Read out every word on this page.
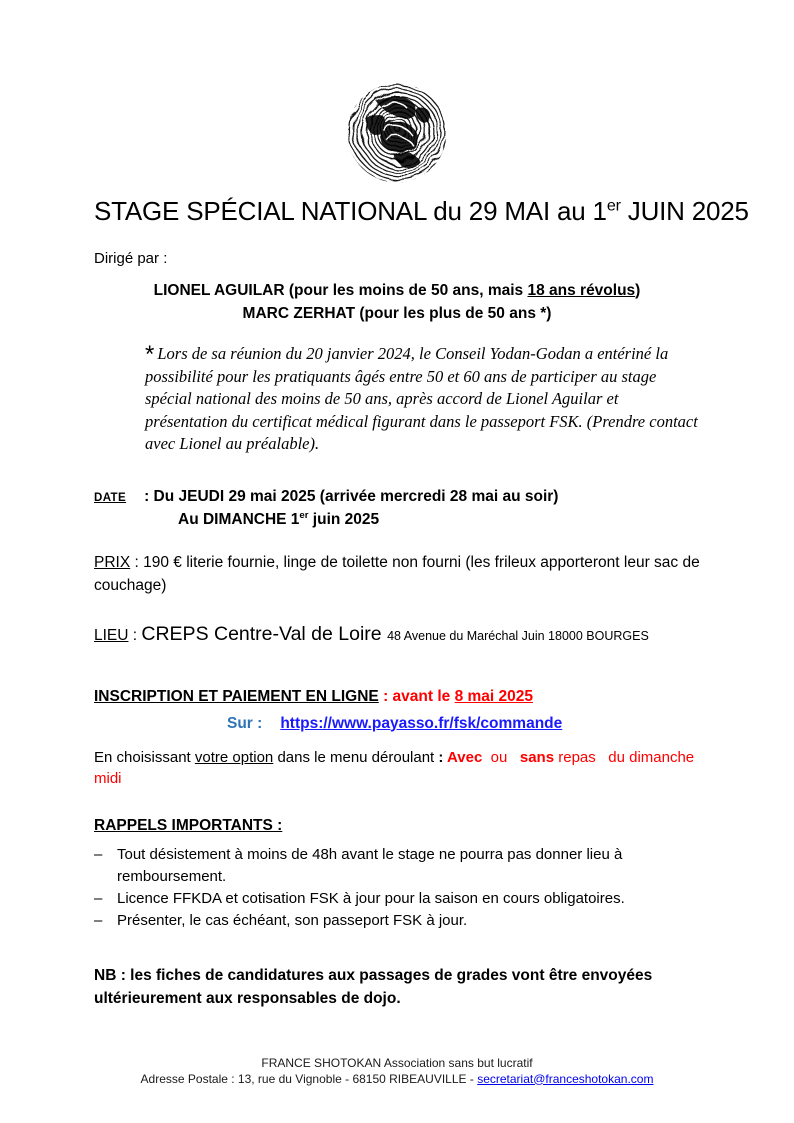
STAGE SPÉCIAL NATIONAL du 29 MAI au 1er JUIN 2025
Dirigé par :
LIONEL AGUILAR (pour les moins de 50 ans, mais 18 ans révolus)
MARC ZERHAT (pour les plus de 50 ans *)
* Lors de sa réunion du 20 janvier 2024, le Conseil Yodan-Godan a entériné la possibilité pour les pratiquants âgés entre 50 et 60 ans de participer au stage spécial national des moins de 50 ans, après accord de Lionel Aguilar et présentation du certificat médical figurant dans le passeport FSK. (Prendre contact avec Lionel au préalable).
DATE : Du JEUDI 29 mai 2025 (arrivée mercredi 28 mai au soir)
Au DIMANCHE 1er juin 2025
PRIX : 190 € literie fournie, linge de toilette non fourni (les frileux apporteront leur sac de couchage)
LIEU : CREPS Centre-Val de Loire 48 Avenue du Maréchal Juin 18000 BOURGES
INSCRIPTION ET PAIEMENT EN LIGNE : avant le 8 mai 2025
Sur : https://www.payasso.fr/fsk/commande
En choisissant votre option dans le menu déroulant : Avec  ou   sans repas   du dimanche midi
RAPPELS IMPORTANTS :
– Tout désistement à moins de 48h avant le stage ne pourra pas donner lieu à remboursement.
– Licence FFKDA et cotisation FSK à jour pour la saison en cours obligatoires.
– Présenter, le cas échéant, son passeport FSK à jour.
NB : les fiches de candidatures aux passages de grades vont être envoyées ultérieurement aux responsables de dojo.
FRANCE SHOTOKAN Association sans but lucratif
Adresse Postale : 13, rue du Vignoble - 68150 RIBEAUVILLE - secretariat@franceshotokan.com
